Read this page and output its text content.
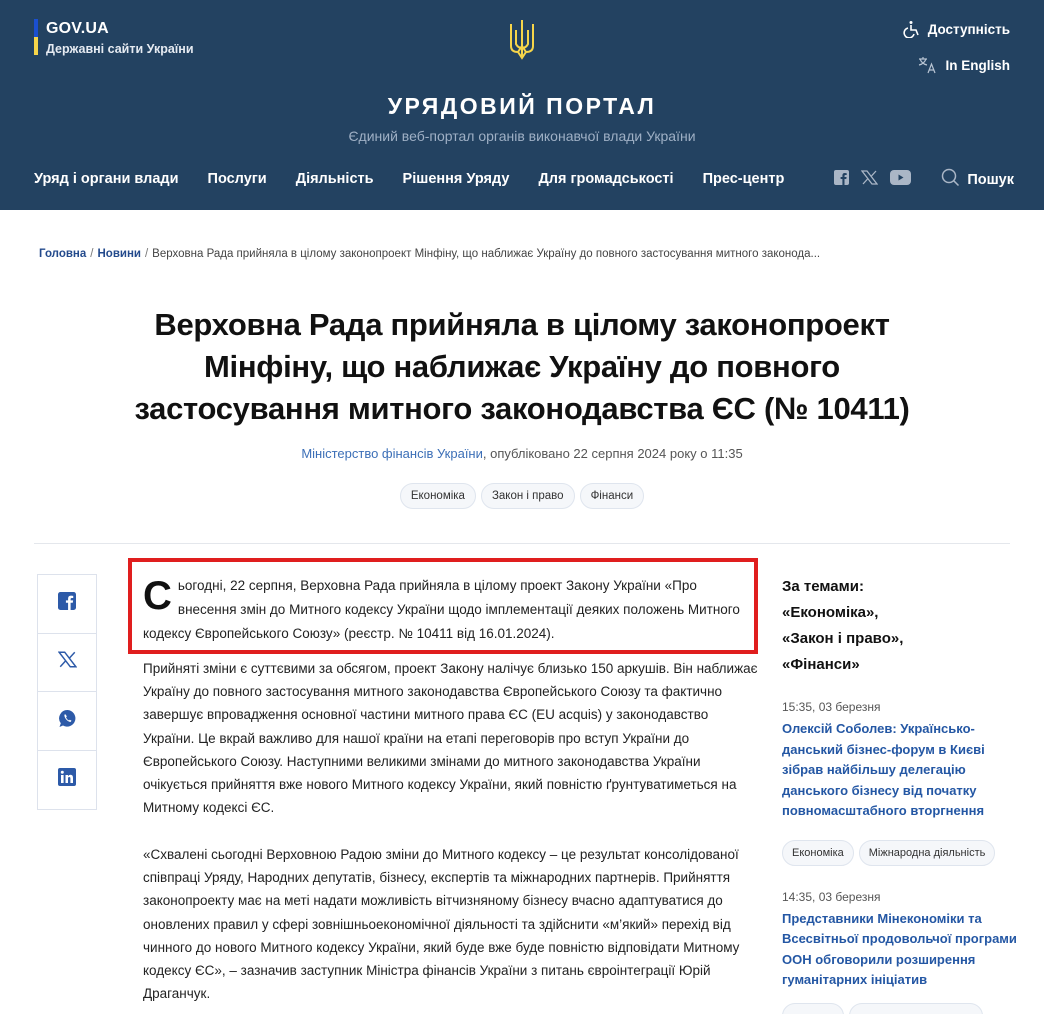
GOV.UA
Державні сайти України
Доступність
In English
УРЯДОВИЙ ПОРТАЛ
Єдиний веб-портал органів виконавчої влади України
Уряд і органи влади Послуги Діяльність Рішення Уряду Для громадськості Прес-центр	Пошук
Головна / Новини / Верховна Рада прийняла в цілому законопроект Мінфіну, що наближає Україну до повного застосування митного законода...
Верховна Рада прийняла в цілому законопроект Мінфіну, що наближає Україну до повного застосування митного законодавства ЄС (№ 10411)
Міністерство фінансів України, опубліковано 22 серпня 2024 року о 11:35
Економіка	Закон і право	Фінанси
Сьогодні, 22 серпня, Верховна Рада прийняла в цілому проект Закону України «Про внесення змін до Митного кодексу України щодо імплементації деяких положень Митного кодексу Європейського Союзу» (реєстр. № 10411 від 16.01.2024).

Прийняті зміни є суттєвими за обсягом, проект Закону налічує близько 150 аркушів. Він наближає Україну до повного застосування митного законодавства Європейського Союзу та фактично завершує впровадження основної частини митного права ЄС (EU acquis) у законодавство України. Це вкрай важливо для нашої країни на етапі переговорів про вступ України до Європейського Союзу. Наступними великими змінами до митного законодавства України очікується прийняття вже нового Митного кодексу України, який повністю ґрунтуватиметься на Митному кодексі ЄС.

«Схвалені сьогодні Верховною Радою зміни до Митного кодексу – це результат консолідованої співпраці Уряду, Народних депутатів, бізнесу, експертів та міжнародних партнерів. Прийняття законопроекту має на меті надати можливість вітчизняному бізнесу вчасно адаптуватися до оновлених правил у сфері зовнішньоекономічної діяльності та здійснити «м’який» перехід від чинного до нового Митного кодексу України, який буде вже буде повністю відповідати Митному кодексу ЄС», – зазначив заступник Міністра фінансів України з питань євроінтеграції Юрій Драганчук.

За темами:
«Економіка»,
«Закон і право»,
«Фінанси»
15:35, 03 березня
Олексій Соболев: Українсько-данський бізнес-форум в Києві зібрав найбільшу делегацію данського бізнесу від початку повномасштабного вторгнення
Економіка	Міжнародна діяльність
14:35, 03 березня
Представники Мінекономіки та Всесвітньої продовольчої програми ООН обговорили розширення гуманітарних ініціатив
